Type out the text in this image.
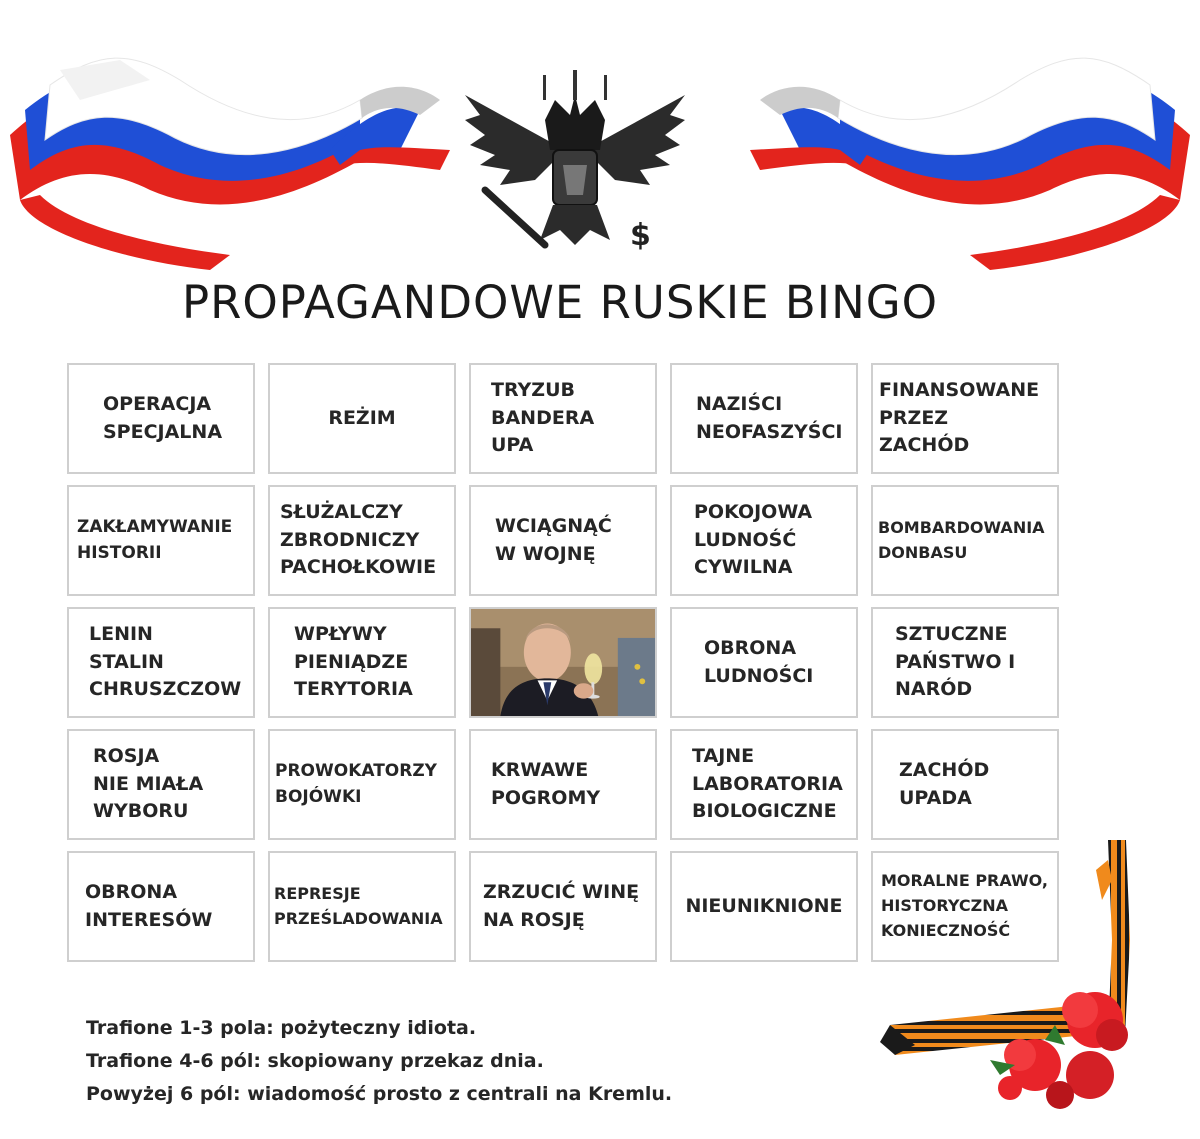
$
PROPAGANDOWE RUSKIE BINGO
OPERACJA
SPECJALNA
REŻIM
TRYZUB
BANDERA
UPA
NAZIŚCI
NEOFASZYŚCI
FINANSOWANE
PRZEZ
ZACHÓD
ZAKŁAMYWANIE
HISTORII
SŁUŻALCZY
ZBRODNICZY
PACHOŁKOWIE
WCIĄGNĄĆ
W WOJNĘ
POKOJOWA
LUDNOŚĆ
CYWILNA
BOMBARDOWANIA
DONBASU
LENIN
STALIN
CHRUSZCZOW
WPŁYWY
PIENIĄDZE
TERYTORIA
OBRONA
LUDNOŚCI
SZTUCZNE
PAŃSTWO I
NARÓD
ROSJA
NIE MIAŁA
WYBORU
PROWOKATORZY
BOJÓWKI
KRWAWE
POGROMY
TAJNE
LABORATORIA
BIOLOGICZNE
ZACHÓD
UPADA
OBRONA
INTERESÓW
REPRESJE
PRZEŚLADOWANIA
ZRZUCIĆ WINĘ
NA ROSJĘ
NIEUNIKNIONE
MORALNE PRAWO,
HISTORYCZNA
KONIECZNOŚĆ
Trafione 1-3 pola: pożyteczny idiota.
Trafione 4-6 pól: skopiowany przekaz dnia.
Powyżej 6 pól: wiadomość prosto z centrali na Kremlu.
